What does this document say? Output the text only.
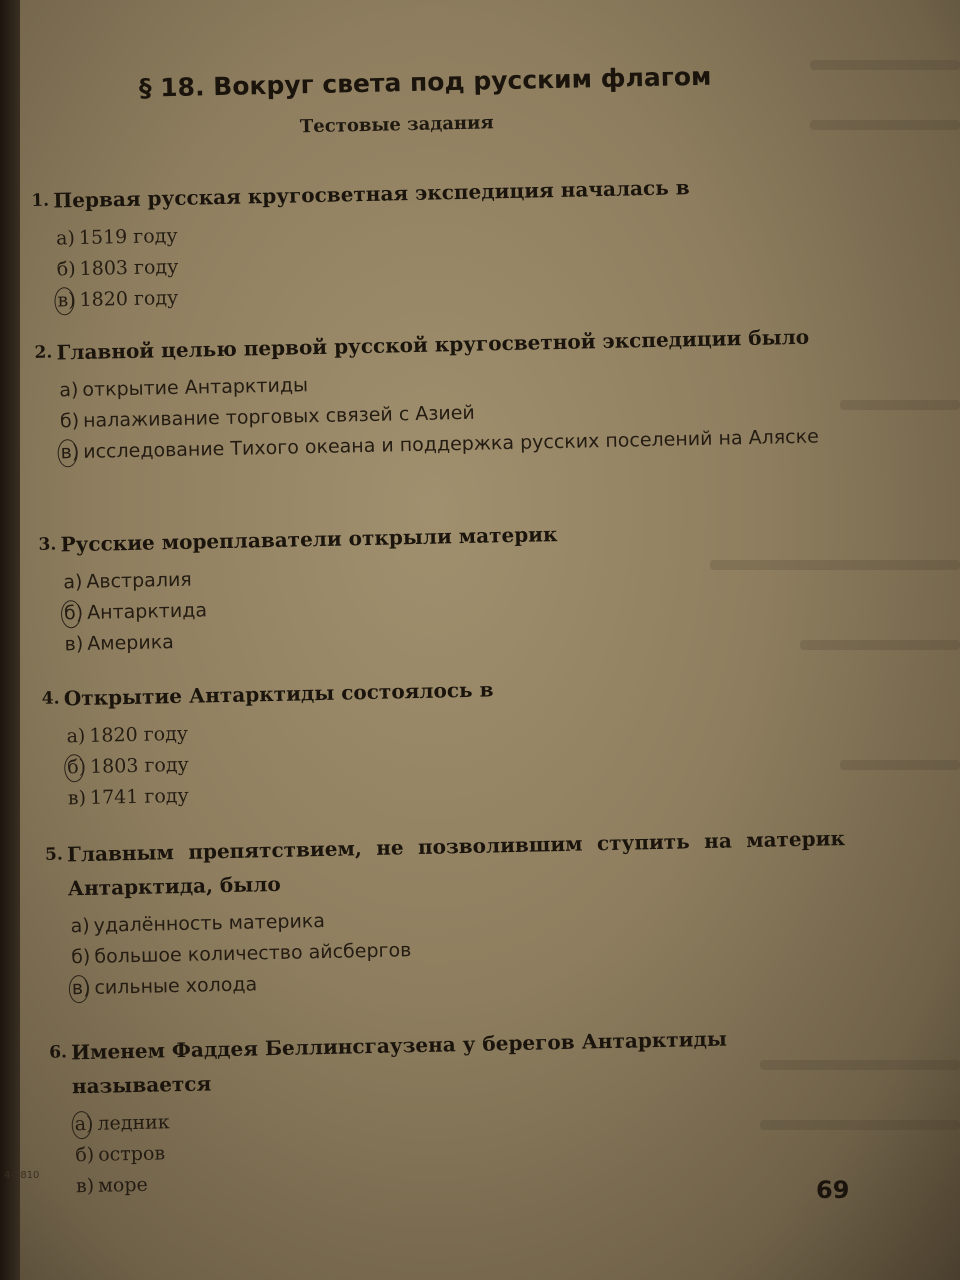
§ 18. Вокруг света под русским флагом
Тестовые задания
1. Первая русская кругосветная экспедиция началась в
а) 1519 году
б) 1803 году
в) 1820 году
2. Главной целью первой русской кругосветной экспедиции было
а) открытие Антарктиды
б) налаживание торговых связей с Азией
в) исследование Тихого океана и поддержка русских поселений на Аляске
3. Русские мореплаватели открыли материк
а) Австралия
б) Антарктида
в) Америка
4. Открытие Антарктиды состоялось в
а) 1820 году
б) 1803 году
в) 1741 году
5. Главным препятствием, не позволившим ступить на материк Антарктида, было
а) удалённость материка
б) большое количество айсбергов
в) сильные холода
6. Именем Фаддея Беллинсгаузена у берегов Антарктиды называется
а) ледник
б) остров
в) море
4-1810
69
